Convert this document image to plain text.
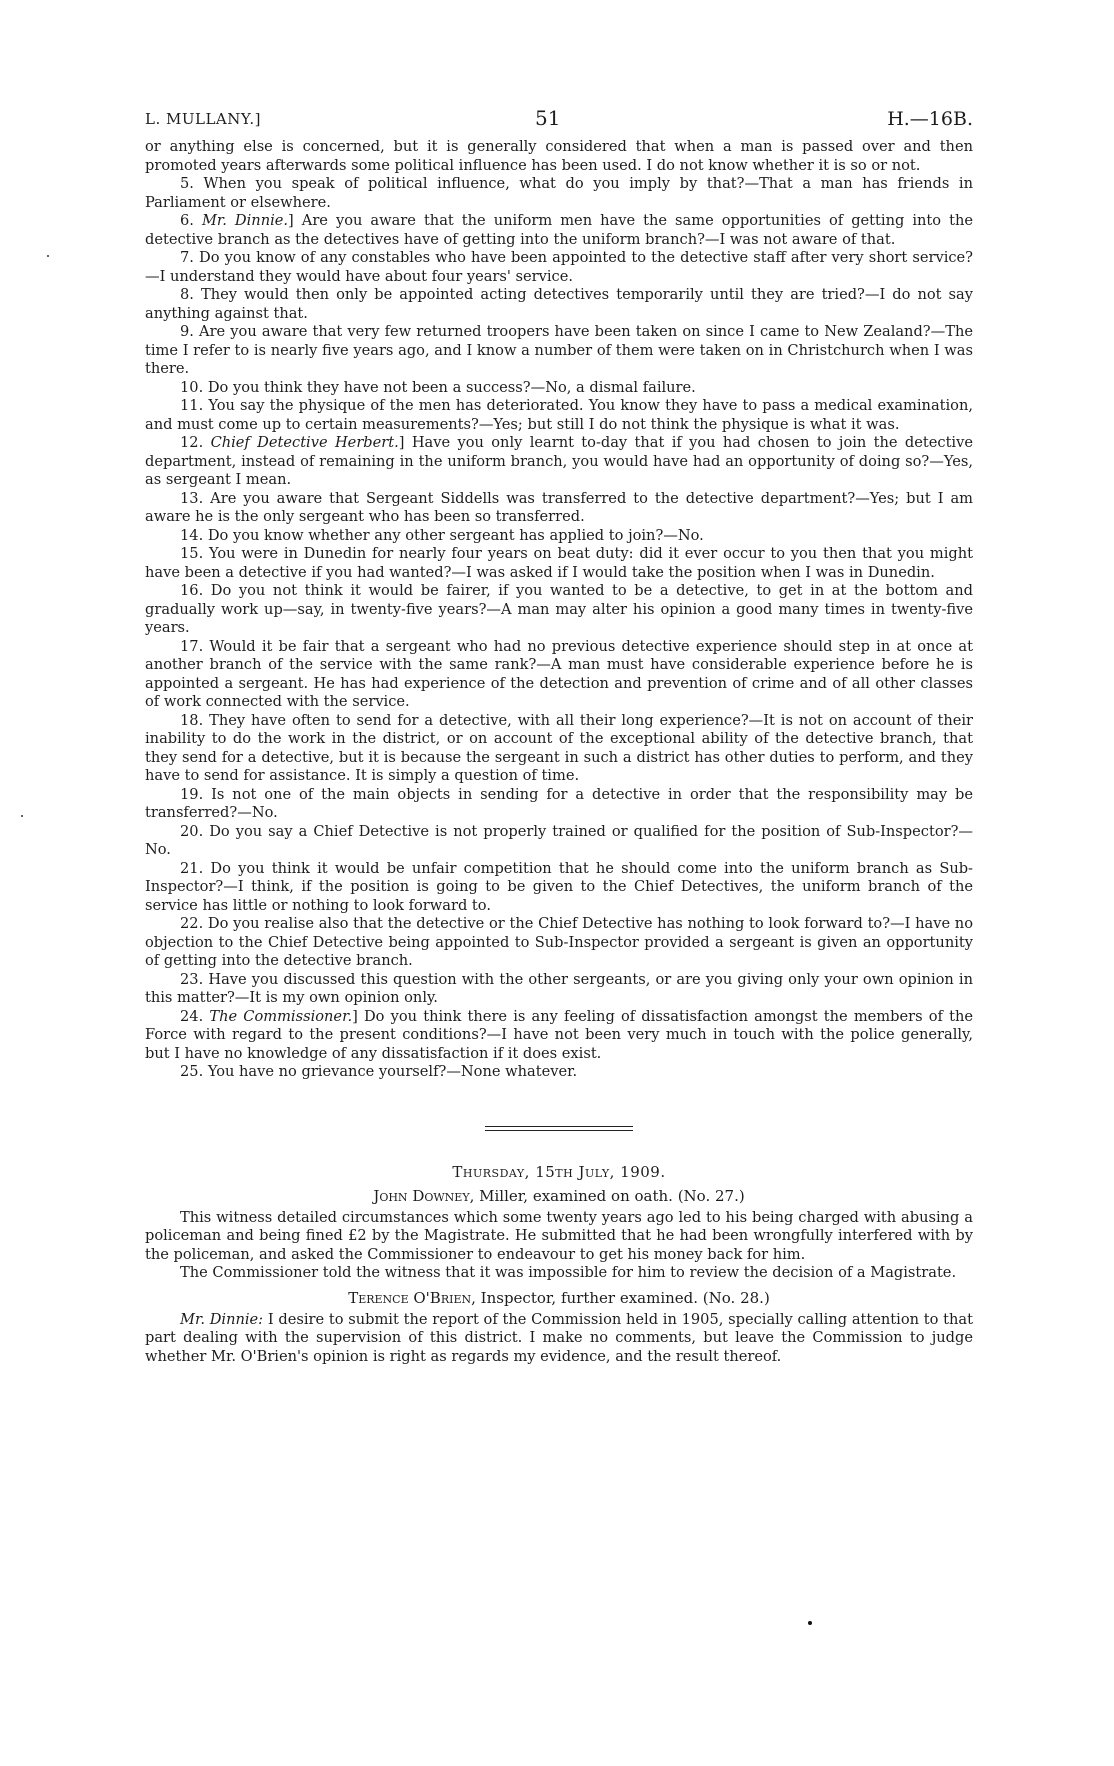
L. MULLANY.]	51	H.—16B.

or anything else is concerned, but it is generally considered that when a man is passed over and then promoted years afterwards some political influence has been used. I do not know whether it is so or not.

5. When you speak of political influence, what do you imply by that?—That a man has friends in Parliament or elsewhere.

6. Mr. Dinnie.] Are you aware that the uniform men have the same opportunities of getting into the detective branch as the detectives have of getting into the uniform branch?—I was not aware of that.

7. Do you know of any constables who have been appointed to the detective staff after very short service?—I understand they would have about four years' service.

8. They would then only be appointed acting detectives temporarily until they are tried?—I do not say anything against that.

9. Are you aware that very few returned troopers have been taken on since I came to New Zealand?—The time I refer to is nearly five years ago, and I know a number of them were taken on in Christchurch when I was there.

10. Do you think they have not been a success?—No, a dismal failure.

11. You say the physique of the men has deteriorated. You know they have to pass a medical examination, and must come up to certain measurements?—Yes; but still I do not think the physique is what it was.

12. Chief Detective Herbert.] Have you only learnt to-day that if you had chosen to join the detective department, instead of remaining in the uniform branch, you would have had an opportunity of doing so?—Yes, as sergeant I mean.

13. Are you aware that Sergeant Siddells was transferred to the detective department?—Yes; but I am aware he is the only sergeant who has been so transferred.

14. Do you know whether any other sergeant has applied to join?—No.

15. You were in Dunedin for nearly four years on beat duty: did it ever occur to you then that you might have been a detective if you had wanted?—I was asked if I would take the position when I was in Dunedin.

16. Do you not think it would be fairer, if you wanted to be a detective, to get in at the bottom and gradually work up—say, in twenty-five years?—A man may alter his opinion a good many times in twenty-five years.

17. Would it be fair that a sergeant who had no previous detective experience should step in at once at another branch of the service with the same rank?—A man must have considerable experience before he is appointed a sergeant. He has had experience of the detection and prevention of crime and of all other classes of work connected with the service.

18. They have often to send for a detective, with all their long experience?—It is not on account of their inability to do the work in the district, or on account of the exceptional ability of the detective branch, that they send for a detective, but it is because the sergeant in such a district has other duties to perform, and they have to send for assistance. It is simply a question of time.

19. Is not one of the main objects in sending for a detective in order that the responsibility may be transferred?—No.

20. Do you say a Chief Detective is not properly trained or qualified for the position of Sub-Inspector?—No.

21. Do you think it would be unfair competition that he should come into the uniform branch as Sub-Inspector?—I think, if the position is going to be given to the Chief Detectives, the uniform branch of the service has little or nothing to look forward to.

22. Do you realise also that the detective or the Chief Detective has nothing to look forward to?—I have no objection to the Chief Detective being appointed to Sub-Inspector provided a sergeant is given an opportunity of getting into the detective branch.

23. Have you discussed this question with the other sergeants, or are you giving only your own opinion in this matter?—It is my own opinion only.

24. The Commissioner.] Do you think there is any feeling of dissatisfaction amongst the members of the Force with regard to the present conditions?—I have not been very much in touch with the police generally, but I have no knowledge of any dissatisfaction if it does exist.

25. You have no grievance yourself?—None whatever.

Thursday, 15th July, 1909.
John Downey, Miller, examined on oath. (No. 27.)

This witness detailed circumstances which some twenty years ago led to his being charged with abusing a policeman and being fined £2 by the Magistrate. He submitted that he had been wrongfully interfered with by the policeman, and asked the Commissioner to endeavour to get his money back for him.

The Commissioner told the witness that it was impossible for him to review the decision of a Magistrate.

Terence O'Brien, Inspector, further examined. (No. 28.)

Mr. Dinnie: I desire to submit the report of the Commission held in 1905, specially calling attention to that part dealing with the supervision of this district. I make no comments, but leave the Commission to judge whether Mr. O'Brien's opinion is right as regards my evidence, and the result thereof.
